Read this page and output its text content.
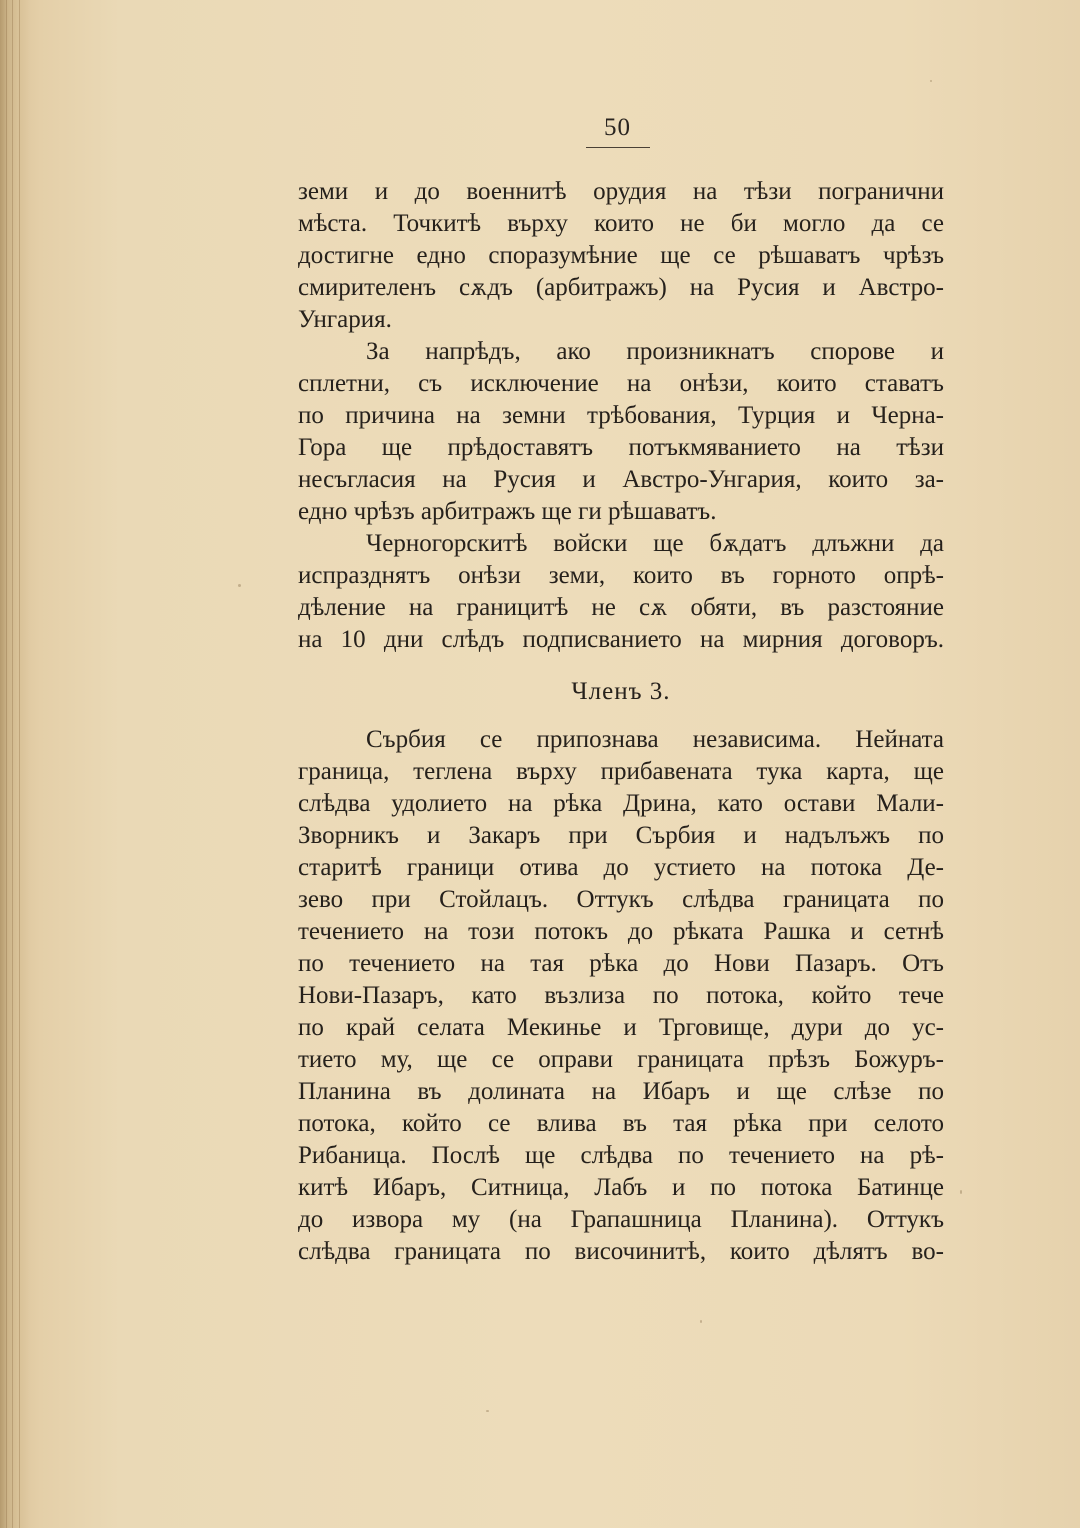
50
земи и до военнитѣ орудия на тѣзи погранични
мѣста. Точкитѣ върху които не би могло да се
достигне едно споразумѣние ще се рѣшаватъ чрѣзъ
смирителенъ сѫдъ (арбитражъ) на Русия и Австро-
Унгария.
За напрѣдъ, ако произникнатъ спорове и
сплетни, съ исключение на онѣзи, които ставатъ
по причина на земни трѣбования, Турция и Черна-
Гора ще прѣдоставятъ потъкмяванието на тѣзи
несъгласия на Русия и Австро-Унгария, които за-
едно чрѣзъ арбитражъ ще ги рѣшаватъ.
Черногорскитѣ войски ще бѫдатъ длъжни да
испразднятъ онѣзи земи, които въ горното опрѣ-
дѣление на границитѣ не сѫ обяти, въ разстояние
на 10 дни слѣдъ подписванието на мирния договоръ.
Членъ 3.
Сърбия се припознава независима. Нейната
граница, теглена върху прибавената тука карта, ще
слѣдва удолието на рѣка Дрина, като остави Мали-
Зворникъ и Закаръ при Сърбия и надълъжъ по
старитѣ граници отива до устието на потока Де-
зево при Стойлацъ. Оттукъ слѣдва границата по
течението на този потокъ до рѣката Рашка и сетнѣ
по течението на тая рѣка до Нови Пазаръ. Отъ
Нови-Пазаръ, като възлиза по потока, който тече
по край селата Мекинье и Трговище, дури до ус-
тието му, ще се оправи границата прѣзъ Божуръ-
Планина въ долината на Ибаръ и ще слѣзе по
потока, който се влива въ тая рѣка при селото
Рибаница. Послѣ ще слѣдва по течението на рѣ-
китѣ Ибаръ, Ситница, Лабъ и по потока Батинце
до извора му (на Грапашница Планина). Оттукъ
слѣдва границата по височинитѣ, които дѣлятъ во-
